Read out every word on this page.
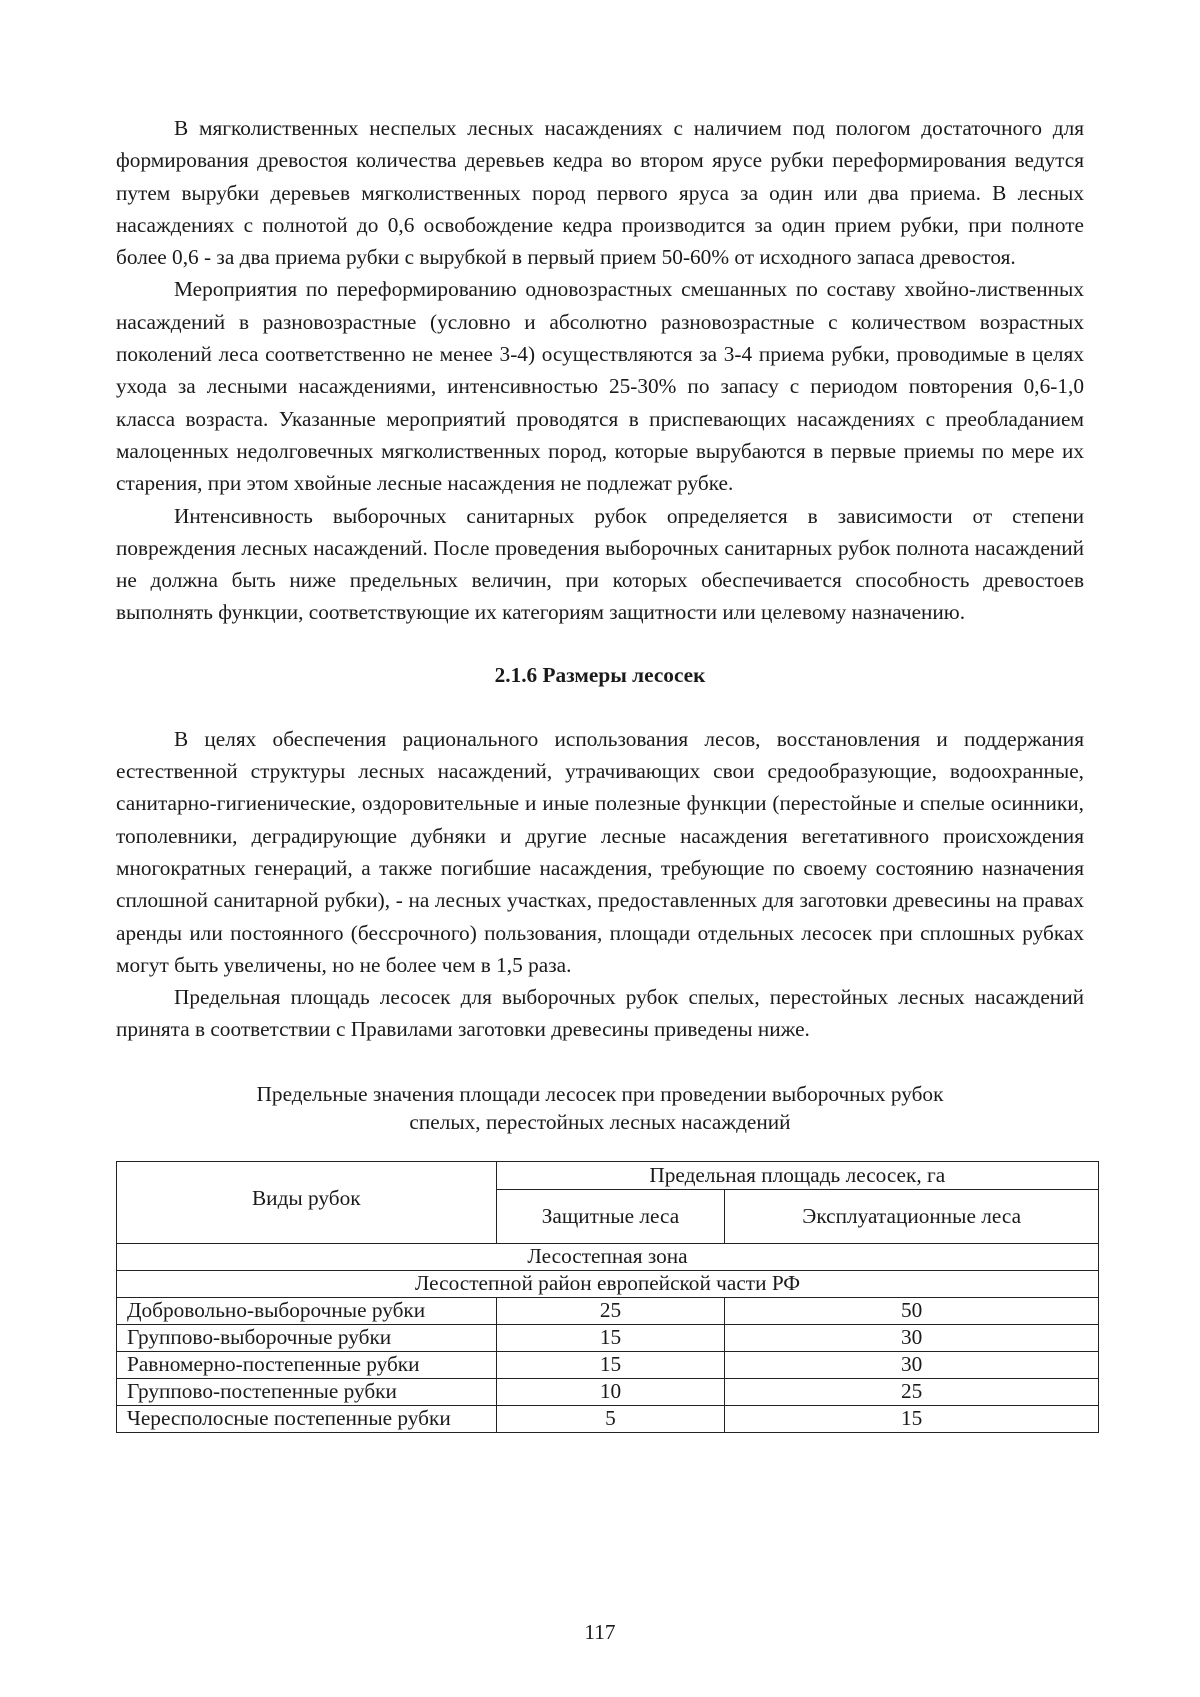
В мягколиственных неспелых лесных насаждениях с наличием под пологом достаточного для формирования древостоя количества деревьев кедра во втором ярусе рубки переформирования ведутся путем вырубки деревьев мягколиственных пород первого яруса за один или два приема. В лесных насаждениях с полнотой до 0,6 освобождение кедра производится за один прием рубки, при полноте более 0,6 - за два приема рубки с вырубкой в первый прием 50-60% от исходного запаса древостоя.

Мероприятия по переформированию одновозрастных смешанных по составу хвойно-лиственных насаждений в разновозрастные (условно и абсолютно разновозрастные с количеством возрастных поколений леса соответственно не менее 3-4) осуществляются за 3-4 приема рубки, проводимые в целях ухода за лесными насаждениями, интенсивностью 25-30% по запасу с периодом повторения 0,6-1,0 класса возраста. Указанные мероприятий проводятся в приспевающих насаждениях с преобладанием малоценных недолговечных мягколиственных пород, которые вырубаются в первые приемы по мере их старения, при этом хвойные лесные насаждения не подлежат рубке.

Интенсивность выборочных санитарных рубок определяется в зависимости от степени повреждения лесных насаждений. После проведения выборочных санитарных рубок полнота насаждений не должна быть ниже предельных величин, при которых обеспечивается способность древостоев выполнять функции, соответствующие их категориям защитности или целевому назначению.

2.1.6 Размеры лесосек

В целях обеспечения рационального использования лесов, восстановления и поддержания естественной структуры лесных насаждений, утрачивающих свои средообразующие, водоохранные, санитарно-гигиенические, оздоровительные и иные полезные функции (перестойные и спелые осинники, тополевники, деградирующие дубняки и другие лесные насаждения вегетативного происхождения многократных генераций, а также погибшие насаждения, требующие по своему состоянию назначения сплошной санитарной рубки), - на лесных участках, предоставленных для заготовки древесины на правах аренды или постоянного (бессрочного) пользования, площади отдельных лесосек при сплошных рубках могут быть увеличены, но не более чем в 1,5 раза.

Предельная площадь лесосек для выборочных рубок спелых, перестойных лесных насаждений принята в соответствии с Правилами заготовки древесины приведены ниже.

Предельные значения площади лесосек при проведении выборочных рубок
спелых, перестойных лесных насаждений
Виды рубок	Предельная площадь лесосек, га	
	Защитные леса	Эксплуатационные леса
Лесостепная зона		
Лесостепной район европейской части РФ		
Добровольно-выборочные рубки	25	50
Группово-выборочные рубки	15	30
Равномерно-постепенные рубки	15	30
Группово-постепенные рубки	10	25
Чересполосные постепенные рубки	5	15
117
